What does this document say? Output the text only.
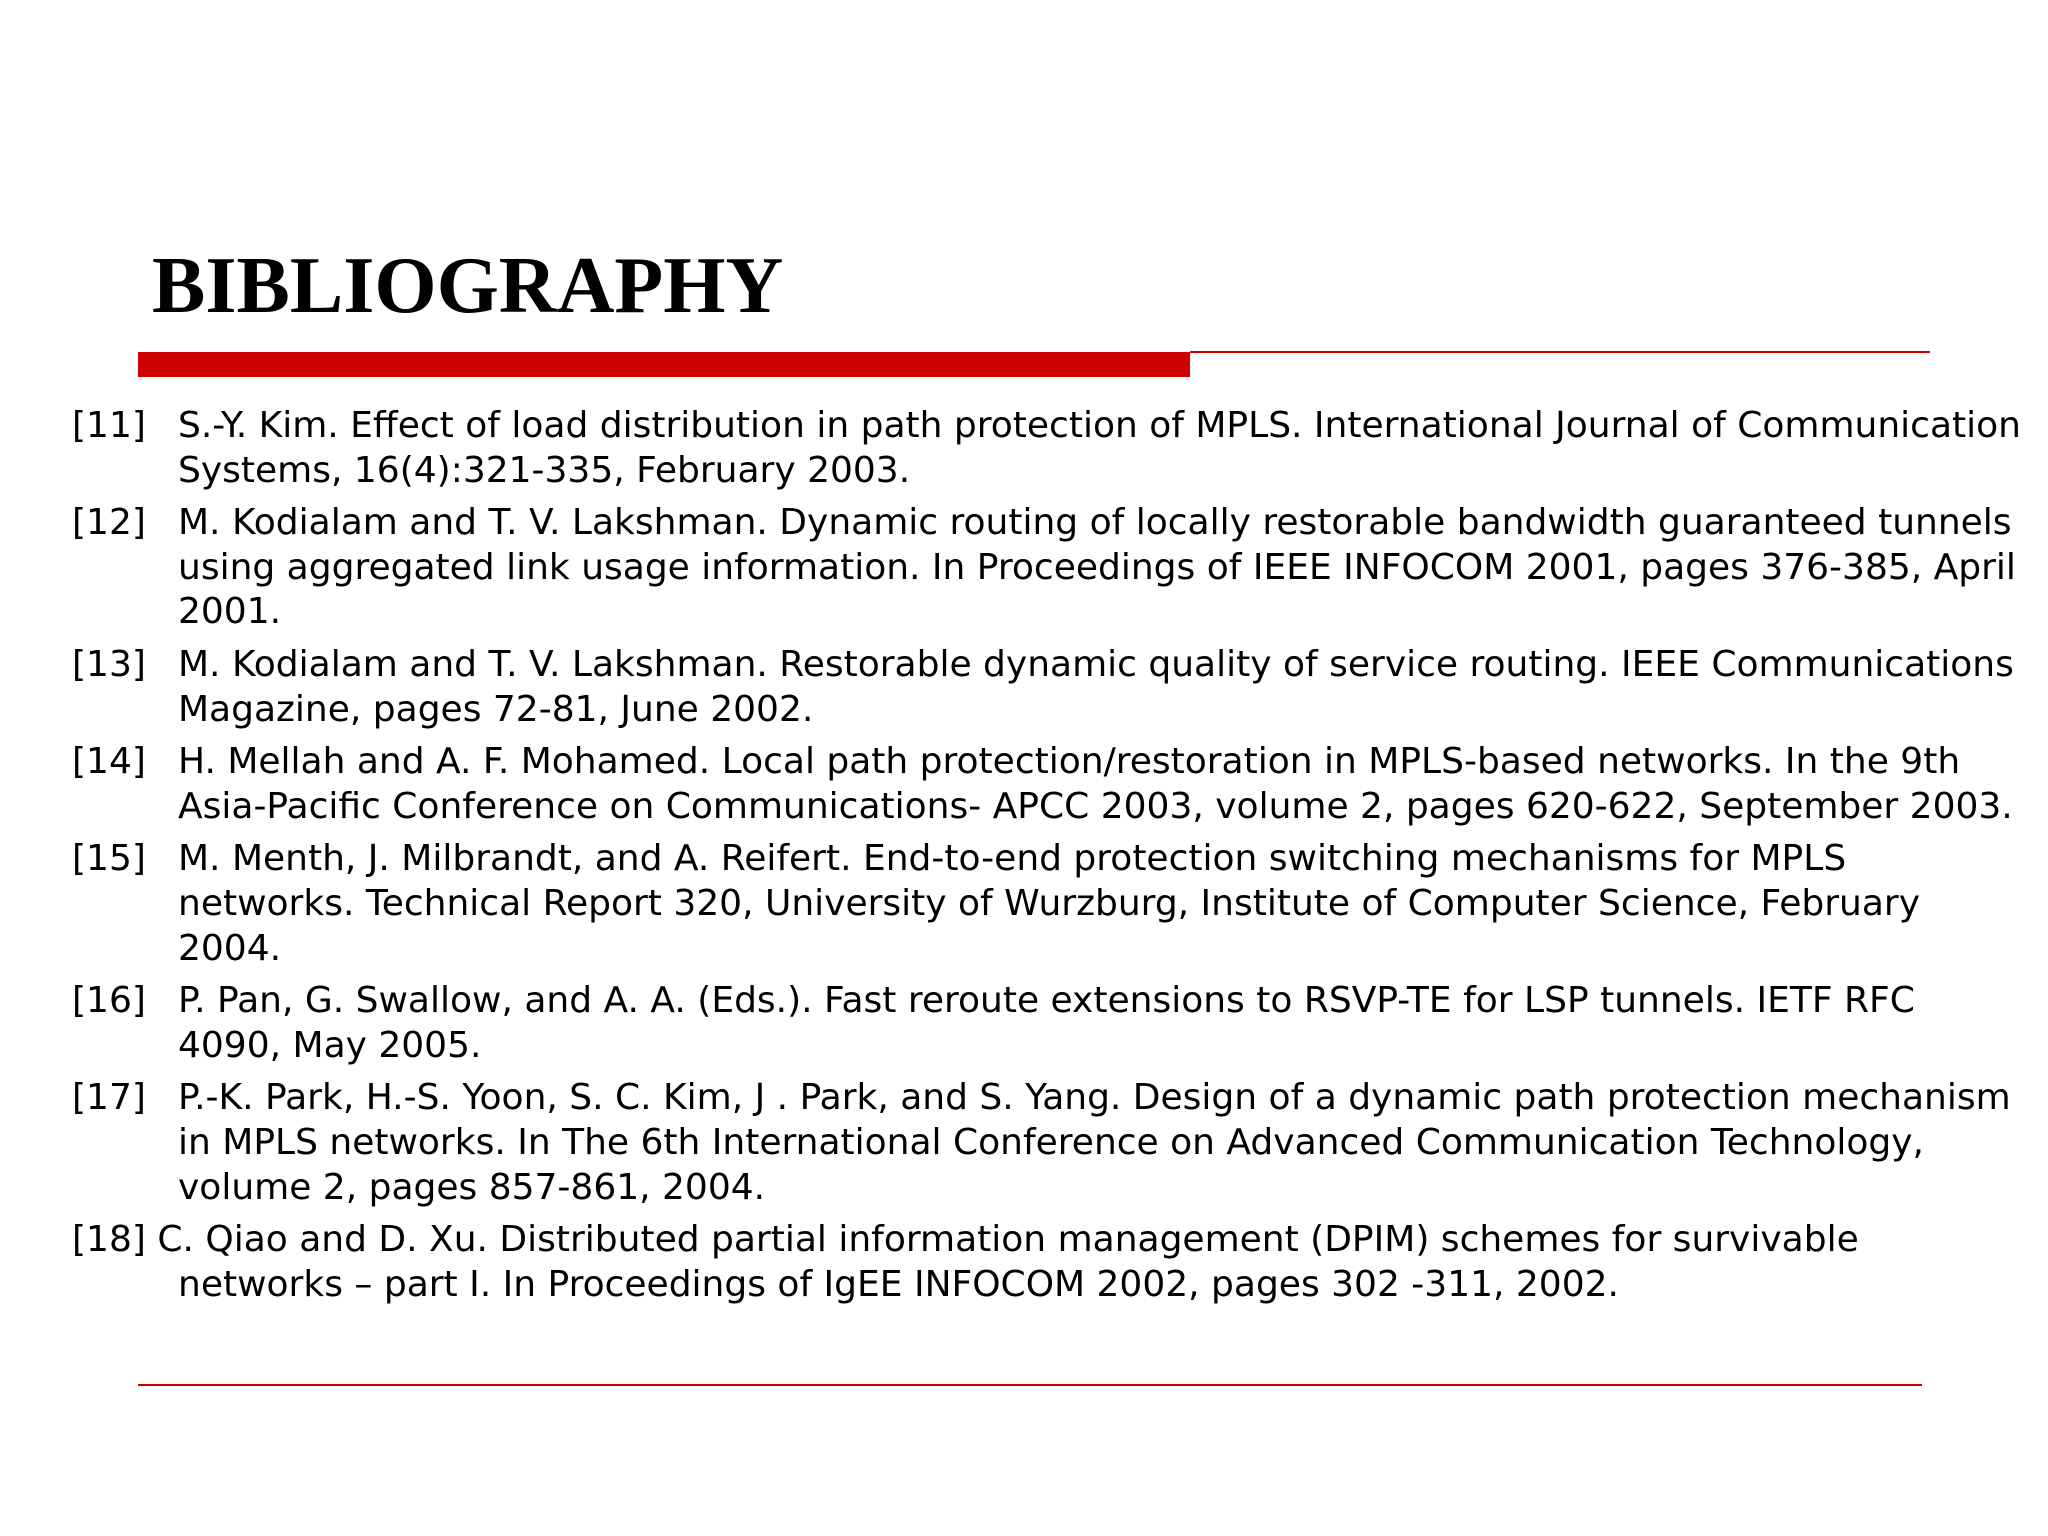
BIBLIOGRAPHY
[11] S.-Y. Kim. Effect of load distribution in path protection of MPLS. International Journal of Communication Systems, 16(4):321-335, February 2003.
[12] M. Kodialam and T. V. Lakshman. Dynamic routing of locally restorable bandwidth guaranteed tunnels using aggregated link usage information. In Proceedings of IEEE INFOCOM 2001, pages 376-385, April 2001.
[13] M. Kodialam and T. V. Lakshman. Restorable dynamic quality of service routing. IEEE Communications Magazine, pages 72-81, June 2002.
[14] H. Mellah and A. F. Mohamed. Local path protection/restoration in MPLS-based networks. In the 9th Asia-Pacific Conference on Communications- APCC 2003, volume 2, pages 620-622, September 2003.
[15] M. Menth, J. Milbrandt, and A. Reifert. End-to-end protection switching mechanisms for MPLS networks. Technical Report 320, University of Wurzburg, Institute of Computer Science, February 2004.
[16] P. Pan, G. Swallow, and A. A. (Eds.). Fast reroute extensions to RSVP-TE for LSP tunnels. IETF RFC 4090, May 2005.
[17] P.-K. Park, H.-S. Yoon, S. C. Kim, J . Park, and S. Yang. Design of a dynamic path protection mechanism in MPLS networks. In The 6th International Conference on Advanced Communication Technology, volume 2, pages 857-861, 2004.
[18] C. Qiao and D. Xu. Distributed partial information management (DPIM) schemes for survivable networks – part I. In Proceedings of IgEE INFOCOM 2002, pages 302 -311, 2002.
